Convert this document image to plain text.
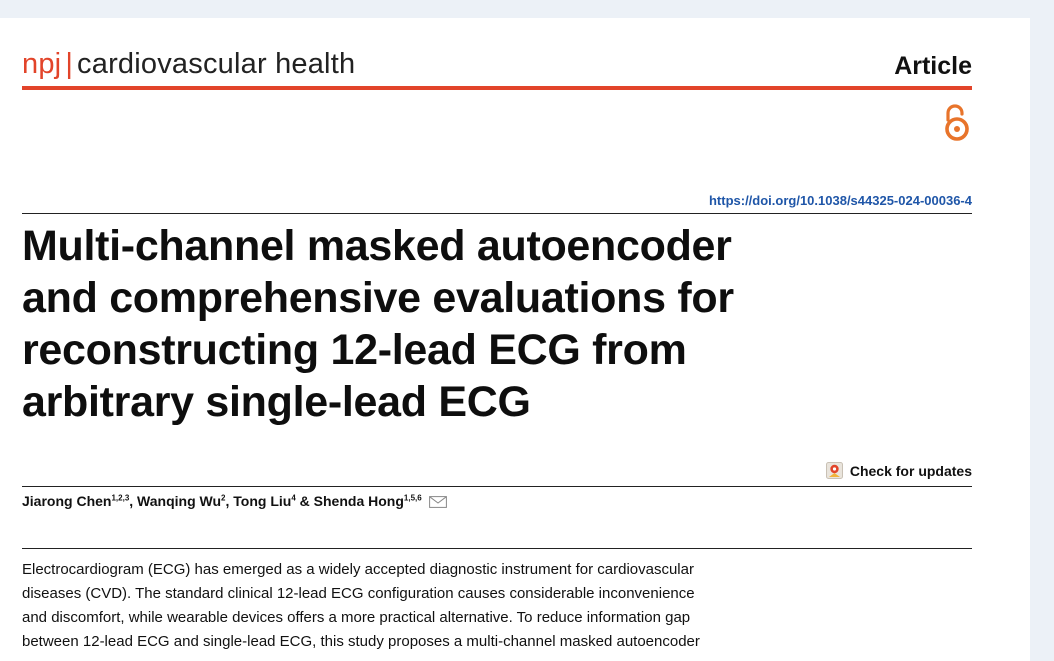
npj | cardiovascular health	Article
https://doi.org/10.1038/s44325-024-00036-4
Multi-channel masked autoencoder
and comprehensive evaluations for
reconstructing 12-lead ECG from
arbitrary single-lead ECG
Check for updates
Jiarong Chen$^{1,2,3}$, Wanqing Wu$^2$, Tong Liu$^4$ & Shenda Hong$^{1,5,6}$
Electrocardiogram (ECG) has emerged as a widely accepted diagnostic instrument for cardiovascular
diseases (CVD). The standard clinical 12-lead ECG configuration causes considerable inconvenience
and discomfort, while wearable devices offers a more practical alternative. To reduce information gap
between 12-lead ECG and single-lead ECG, this study proposes a multi-channel masked autoencoder
